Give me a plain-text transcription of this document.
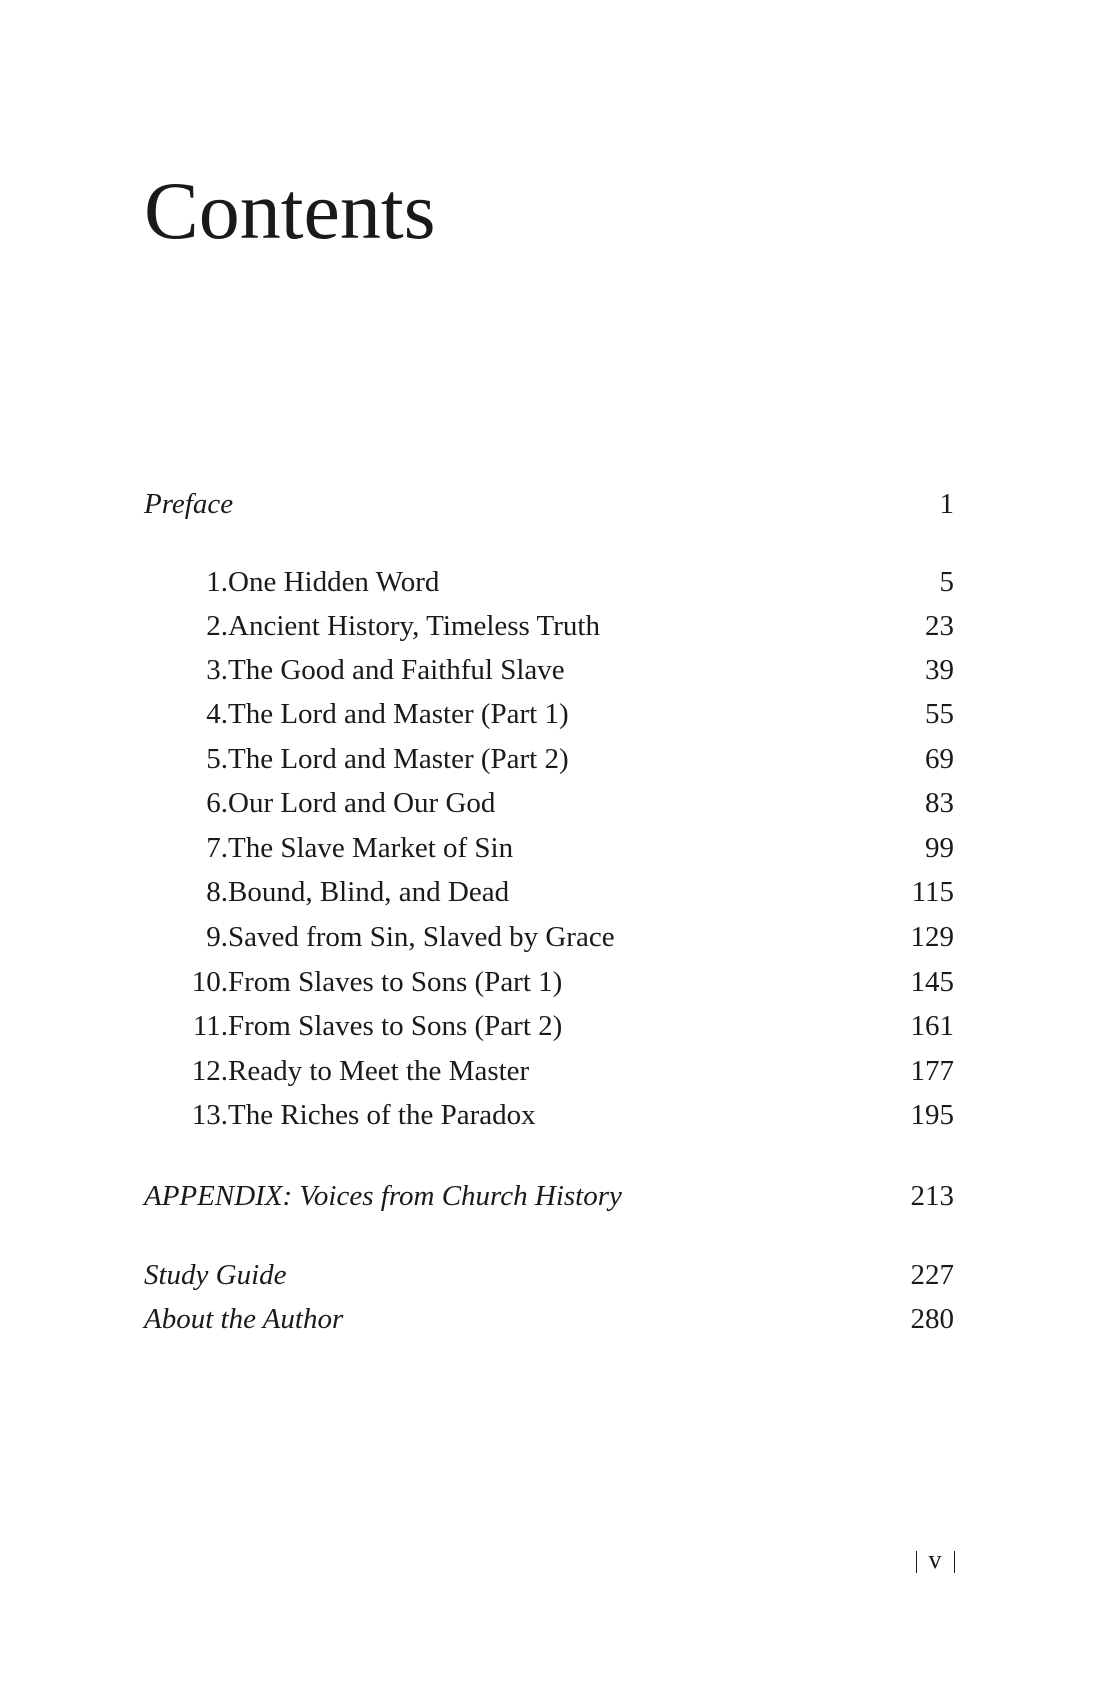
Contents
Preface	1
1. One Hidden Word	5
2. Ancient History, Timeless Truth	23
3. The Good and Faithful Slave	39
4. The Lord and Master (Part 1)	55
5. The Lord and Master (Part 2)	69
6. Our Lord and Our God	83
7. The Slave Market of Sin	99
8. Bound, Blind, and Dead	115
9. Saved from Sin, Slaved by Grace	129
10. From Slaves to Sons (Part 1)	145
11. From Slaves to Sons (Part 2)	161
12. Ready to Meet the Master	177
13. The Riches of the Paradox	195
APPENDIX: Voices from Church History	213
Study Guide	227
About the Author	280
v
